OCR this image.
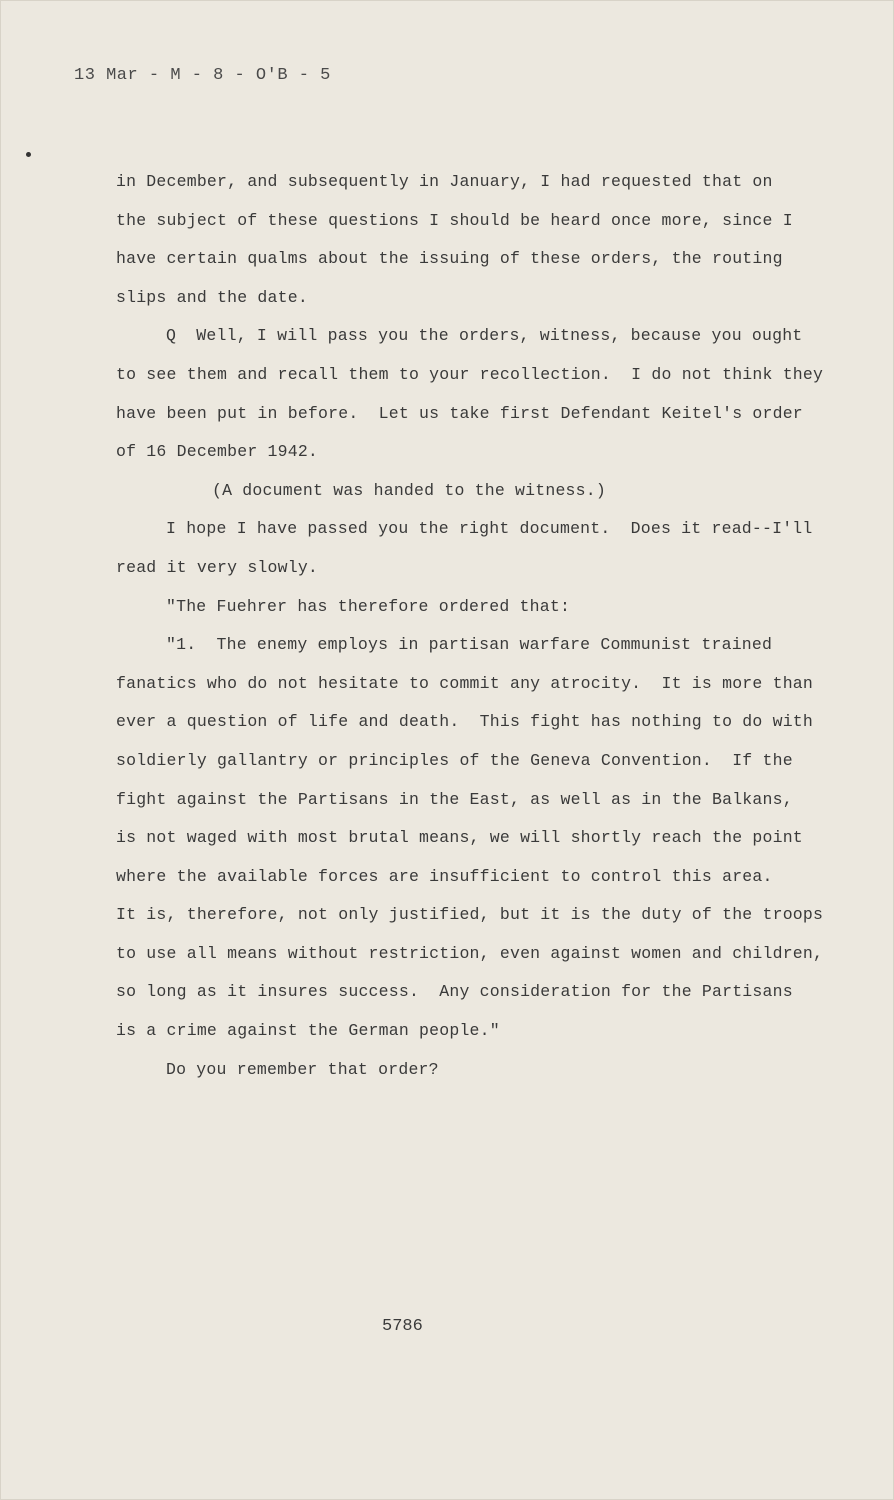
13 Mar - M - 8 - O'B - 5
in December, and subsequently in January, I had requested that on
the subject of these questions I should be heard once more, since I
have certain qualms about the issuing of these orders, the routing
slips and the date.
Q  Well, I will pass you the orders, witness, because you ought
to see them and recall them to your recollection.  I do not think they
have been put in before.  Let us take first Defendant Keitel's order
of 16 December 1942.
(A document was handed to the witness.)
I hope I have passed you the right document.  Does it read--I'll
read it very slowly.
"The Fuehrer has therefore ordered that:
"1.  The enemy employs in partisan warfare Communist trained
fanatics who do not hesitate to commit any atrocity.  It is more than
ever a question of life and death.  This fight has nothing to do with
soldierly gallantry or principles of the Geneva Convention.  If the
fight against the Partisans in the East, as well as in the Balkans,
is not waged with most brutal means, we will shortly reach the point
where the available forces are insufficient to control this area.
It is, therefore, not only justified, but it is the duty of the troops
to use all means without restriction, even against women and children,
so long as it insures success.  Any consideration for the Partisans
is a crime against the German people."
Do you remember that order?
5786
